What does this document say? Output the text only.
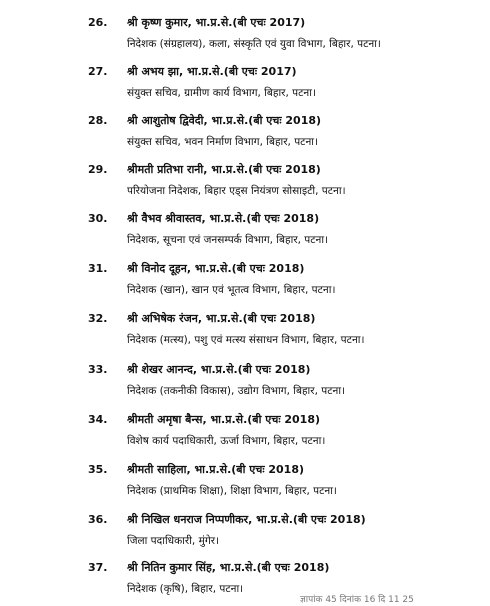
26. श्री कृष्ण कुमार, भा.प्र.से.(बी एचः 2017)
निदेशक (संग्रहालय), कला, संस्कृति एवं युवा विभाग, बिहार, पटना।
27. श्री अभय झा, भा.प्र.से.(बी एचः 2017)
संयुक्त सचिव, ग्रामीण कार्य विभाग, बिहार, पटना।
28. श्री आशुतोष द्विवेदी, भा.प्र.से.(बी एचः 2018)
संयुक्त सचिव, भवन निर्माण विभाग, बिहार, पटना।
29. श्रीमती प्रतिभा रानी, भा.प्र.से.(बी एचः 2018)
परियोजना निदेशक, बिहार एड्स नियंत्रण सोसाइटी, पटना।
30. श्री वैभव श्रीवास्तव, भा.प्र.से.(बी एचः 2018)
निदेशक, सूचना एवं जनसम्पर्क विभाग, बिहार, पटना।
31. श्री विनोद दूहन, भा.प्र.से.(बी एचः 2018)
निदेशक (खान), खान एवं भूतत्व विभाग, बिहार, पटना।
32. श्री अभिषेक रंजन, भा.प्र.से.(बी एचः 2018)
निदेशक (मत्स्य), पशु एवं मत्स्य संसाधन विभाग, बिहार, पटना।
33. श्री शेखर आनन्द, भा.प्र.से.(बी एचः 2018)
निदेशक (तकनीकी विकास), उद्योग विभाग, बिहार, पटना।
34. श्रीमती अमृषा बैन्स, भा.प्र.से.(बी एचः 2018)
विशेष कार्य पदाधिकारी, ऊर्जा विभाग, बिहार, पटना।
35. श्रीमती साहिला, भा.प्र.से.(बी एचः 2018)
निदेशक (प्राथमिक शिक्षा), शिक्षा विभाग, बिहार, पटना।
36. श्री निखिल धनराज निप्पणीकर, भा.प्र.से.(बी एचः 2018)
जिला पदाधिकारी, मुंगेर।
37. श्री नितिन कुमार सिंह, भा.प्र.से.(बी एचः 2018)
निदेशक (कृषि), बिहार, पटना।
ज्ञापांक 45 दिनांक 16 दि 11 25
